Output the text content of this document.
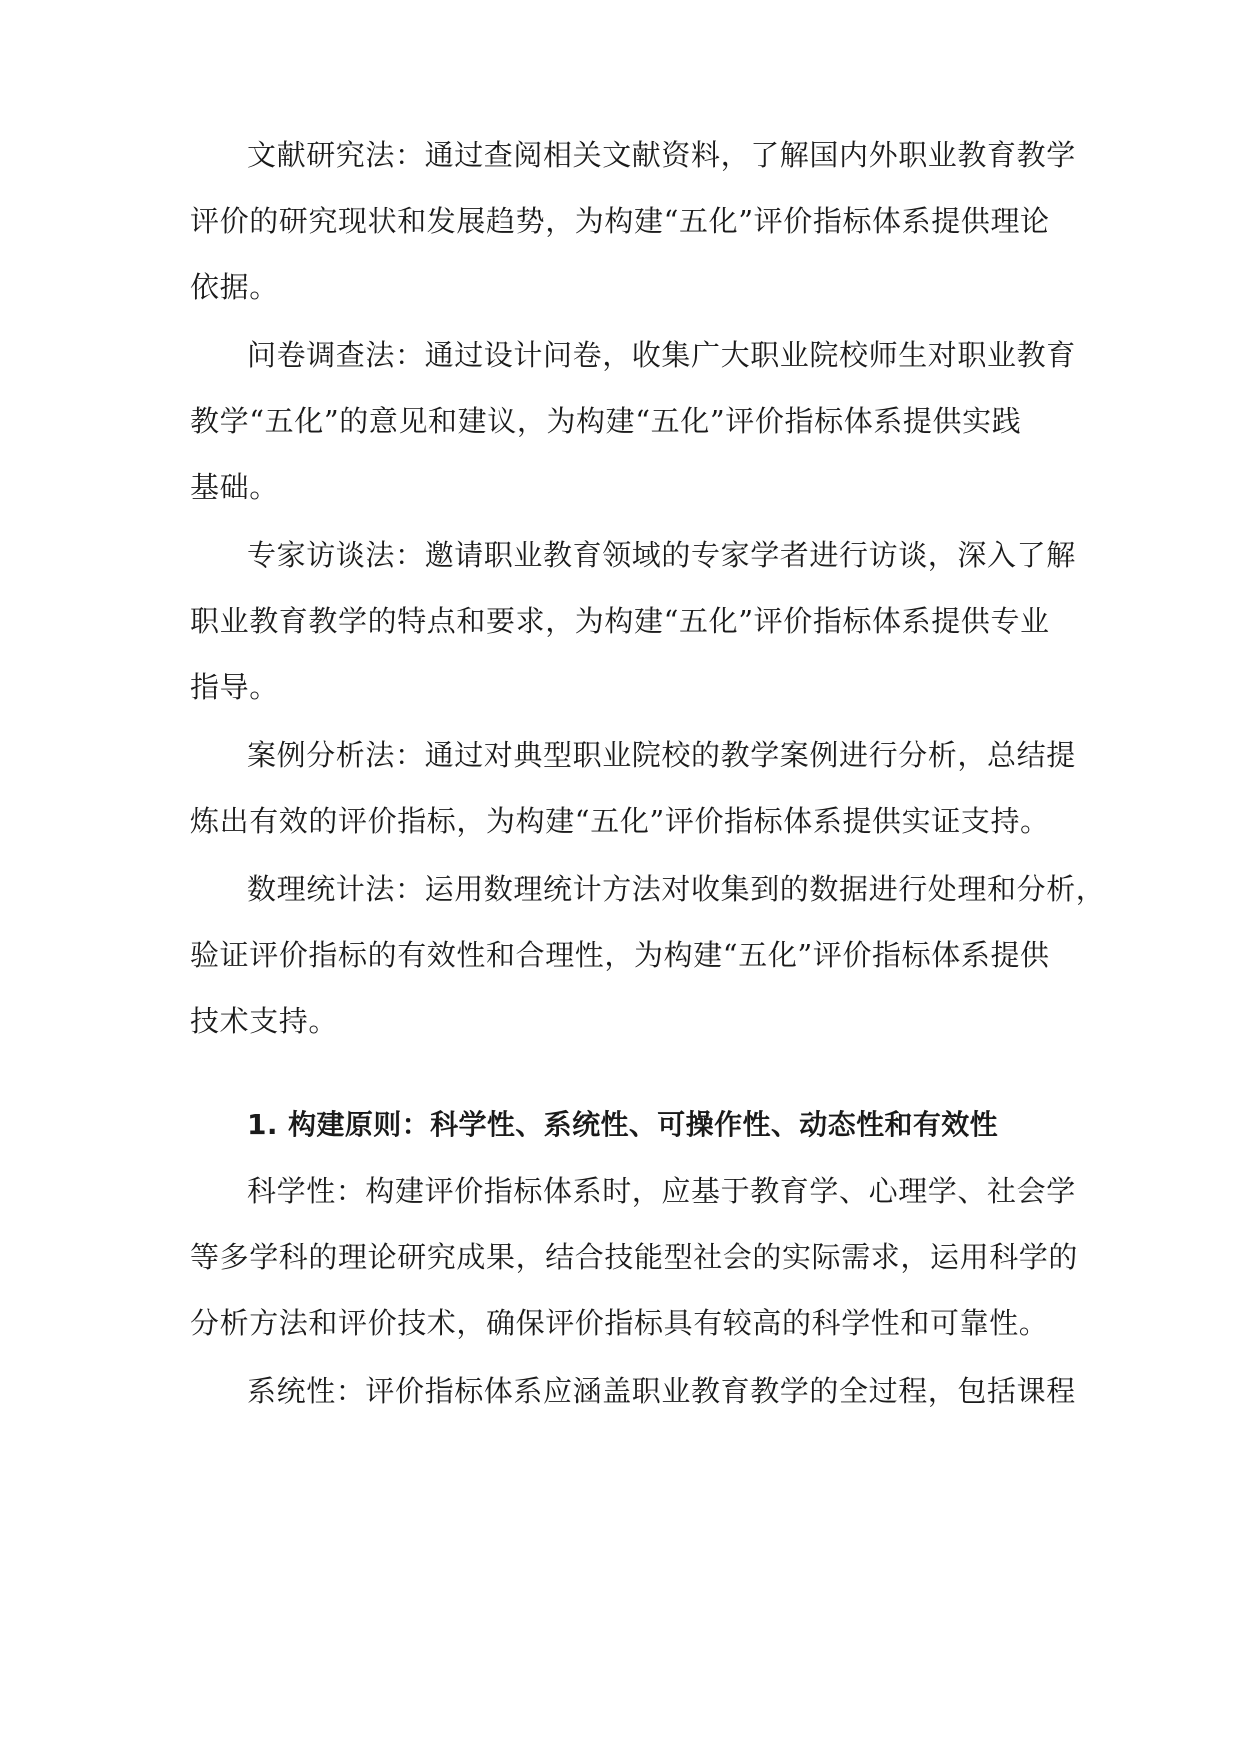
文献研究法：通过查阅相关文献资料，了解国内外职业教育教学
评价的研究现状和发展趋势，为构建“五化”评价指标体系提供理论
依据。
问卷调查法：通过设计问卷，收集广大职业院校师生对职业教育
教学“五化”的意见和建议，为构建“五化”评价指标体系提供实践
基础。
专家访谈法：邀请职业教育领域的专家学者进行访谈，深入了解
职业教育教学的特点和要求，为构建“五化”评价指标体系提供专业
指导。
案例分析法：通过对典型职业院校的教学案例进行分析，总结提
炼出有效的评价指标，为构建“五化”评价指标体系提供实证支持。
数理统计法：运用数理统计方法对收集到的数据进行处理和分析，
验证评价指标的有效性和合理性，为构建“五化”评价指标体系提供
技术支持。
1. 构建原则：科学性、系统性、可操作性、动态性和有效性
科学性：构建评价指标体系时，应基于教育学、心理学、社会学
等多学科的理论研究成果，结合技能型社会的实际需求，运用科学的
分析方法和评价技术，确保评价指标具有较高的科学性和可靠性。
系统性：评价指标体系应涵盖职业教育教学的全过程，包括课程
